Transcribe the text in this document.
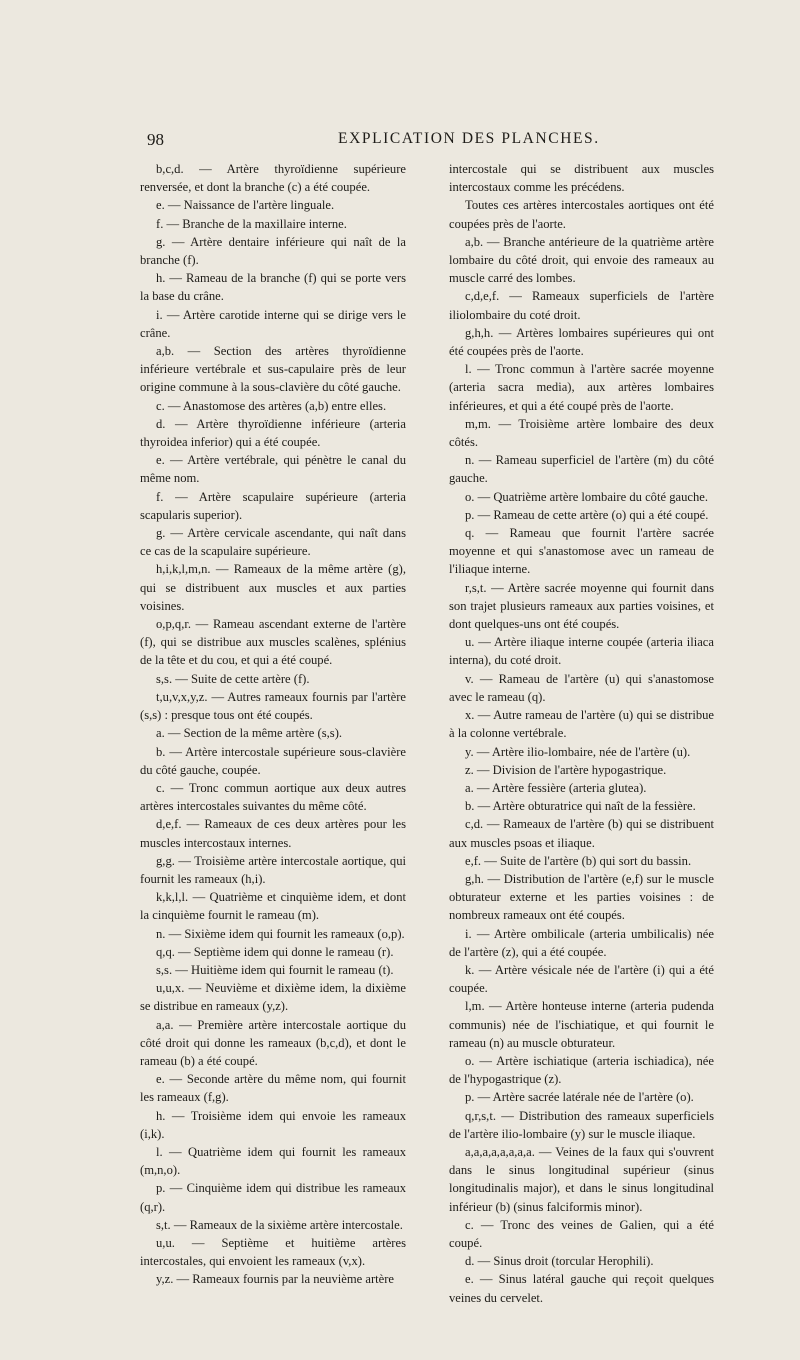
98	EXPLICATION DES PLANCHES.

b,c,d. — Artère thyroïdienne supérieure renversée, et dont la branche (c) a été coupée.

e. — Naissance de l'artère linguale.

f. — Branche de la maxillaire interne.

g. — Artère dentaire inférieure qui naît de la branche (f).

h. — Rameau de la branche (f) qui se porte vers la base du crâne.

i. — Artère carotide interne qui se dirige vers le crâne.

a,b. — Section des artères thyroïdienne inférieure vertébrale et sus-capulaire près de leur origine commune à la sous-clavière du côté gauche.

c. — Anastomose des artères (a,b) entre elles.

d. — Artère thyroïdienne inférieure (arteria thyroidea inferior) qui a été coupée.

e. — Artère vertébrale, qui pénètre le canal du même nom.

f. — Artère scapulaire supérieure (arteria scapularis superior).

g. — Artère cervicale ascendante, qui naît dans ce cas de la scapulaire supérieure.

h,i,k,l,m,n. — Rameaux de la même artère (g), qui se distribuent aux muscles et aux parties voisines.

o,p,q,r. — Rameau ascendant externe de l'artère (f), qui se distribue aux muscles scalènes, splénius de la tête et du cou, et qui a été coupé.

s,s. — Suite de cette artère (f).

t,u,v,x,y,z. — Autres rameaux fournis par l'artère (s,s) : presque tous ont été coupés.

a. — Section de la même artère (s,s).

b. — Artère intercostale supérieure sous-clavière du côté gauche, coupée.

c. — Tronc commun aortique aux deux autres artères intercostales suivantes du même côté.

d,e,f. — Rameaux de ces deux artères pour les muscles intercostaux internes.

g,g. — Troisième artère intercostale aortique, qui fournit les rameaux (h,i).

k,k,l,l. — Quatrième et cinquième idem, et dont la cinquième fournit le rameau (m).

n. — Sixième idem qui fournit les rameaux (o,p).

q,q. — Septième idem qui donne le rameau (r).

s,s. — Huitième idem qui fournit le rameau (t).

u,u,x. — Neuvième et dixième idem, la dixième se distribue en rameaux (y,z).

a,a. — Première artère intercostale aortique du côté droit qui donne les rameaux (b,c,d), et dont le rameau (b) a été coupé.

e. — Seconde artère du même nom, qui fournit les rameaux (f,g).

h. — Troisième idem qui envoie les rameaux (i,k).

l. — Quatrième idem qui fournit les rameaux (m,n,o).

p. — Cinquième idem qui distribue les rameaux (q,r).

s,t. — Rameaux de la sixième artère intercostale.

u,u. — Septième et huitième artères intercostales, qui envoient les rameaux (v,x).

y,z. — Rameaux fournis par la neuvième artère

intercostale qui se distribuent aux muscles intercostaux comme les précédens.

Toutes ces artères intercostales aortiques ont été coupées près de l'aorte.

a,b. — Branche antérieure de la quatrième artère lombaire du côté droit, qui envoie des rameaux au muscle carré des lombes.

c,d,e,f. — Rameaux superficiels de l'artère iliolombaire du coté droit.

g,h,h. — Artères lombaires supérieures qui ont été coupées près de l'aorte.

l. — Tronc commun à l'artère sacrée moyenne (arteria sacra media), aux artères lombaires inférieures, et qui a été coupé près de l'aorte.

m,m. — Troisième artère lombaire des deux côtés.

n. — Rameau superficiel de l'artère (m) du côté gauche.

o. — Quatrième artère lombaire du côté gauche.

p. — Rameau de cette artère (o) qui a été coupé.

q. — Rameau que fournit l'artère sacrée moyenne et qui s'anastomose avec un rameau de l'iliaque interne.

r,s,t. — Artère sacrée moyenne qui fournit dans son trajet plusieurs rameaux aux parties voisines, et dont quelques-uns ont été coupés.

u. — Artère iliaque interne coupée (arteria iliaca interna), du coté droit.

v. — Rameau de l'artère (u) qui s'anastomose avec le rameau (q).

x. — Autre rameau de l'artère (u) qui se distribue à la colonne vertébrale.

y. — Artère ilio-lombaire, née de l'artère (u).

z. — Division de l'artère hypogastrique.

a. — Artère fessière (arteria glutea).

b. — Artère obturatrice qui naît de la fessière.

c,d. — Rameaux de l'artère (b) qui se distribuent aux muscles psoas et iliaque.

e,f. — Suite de l'artère (b) qui sort du bassin.

g,h. — Distribution de l'artère (e,f) sur le muscle obturateur externe et les parties voisines : de nombreux rameaux ont été coupés.

i. — Artère ombilicale (arteria umbilicalis) née de l'artère (z), qui a été coupée.

k. — Artère vésicale née de l'artère (i) qui a été coupée.

l,m. — Artère honteuse interne (arteria pudenda communis) née de l'ischiatique, et qui fournit le rameau (n) au muscle obturateur.

o. — Artère ischiatique (arteria ischiadica), née de l'hypogastrique (z).

p. — Artère sacrée latérale née de l'artère (o).

q,r,s,t. — Distribution des rameaux superficiels de l'artère ilio-lombaire (y) sur le muscle iliaque.

a,a,a,a,a,a,a,a. — Veines de la faux qui s'ouvrent dans le sinus longitudinal supérieur (sinus longitudinalis major), et dans le sinus longitudinal inférieur (b) (sinus falciformis minor).

c. — Tronc des veines de Galien, qui a été coupé.

d. — Sinus droit (torcular Herophili).

e. — Sinus latéral gauche qui reçoit quelques veines du cervelet.
